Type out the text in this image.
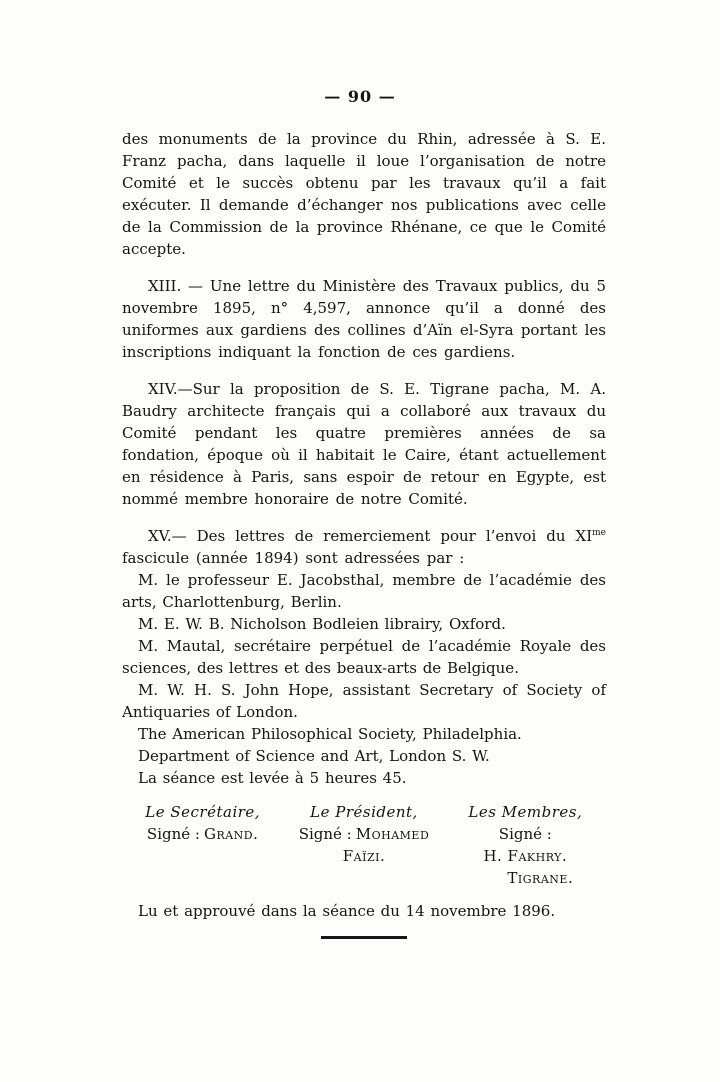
— 90 —

des monuments de la province du Rhin, adressée à S. E. Franz pacha, dans laquelle il loue l’organisation de notre Comité et le succès obtenu par les travaux qu’il a fait exécuter. Il demande d’échanger nos publications avec celle de la Commission de la province Rhénane, ce que le Comité accepte.

XIII. — Une lettre du Ministère des Travaux publics, du 5 novembre 1895, n° 4,597, annonce qu’il a donné des uniformes aux gardiens des collines d’Aïn el-Syra portant les inscriptions indiquant la fonction de ces gardiens.

XIV.—Sur la proposition de S. E. Tigrane pacha, M. A. Baudry architecte français qui a collaboré aux travaux du Comité pendant les quatre premières années de sa fondation, époque où il habitait le Caire, étant actuellement en résidence à Paris, sans espoir de retour en Egypte, est nommé membre honoraire de notre Comité.

XV.— Des lettres de remerciement pour l’envoi du $XI^{me}$ fascicule (année 1894) sont adressées par :

M. le professeur E. Jacobsthal, membre de l’académie des arts, Charlottenburg, Berlin.

M. E. W. B. Nicholson Bodleien librairy, Oxford.

M. Mautal, secrétaire perpétuel de l’académie Royale des sciences, des lettres et des beaux-arts de Belgique.

M. W. H. S. John Hope, assistant Secretary of Society of Antiquaries of London.

The American Philosophical Society, Philadelphia.

Department of Science and Art, London S. W.

La séance est levée à 5 heures 45.

Le Secrétaire,
Signé : Grand.
Le Président,
Signé : Mohamed Faïzi.
Les Membres,
Signé :
H. Fakhry.
Tigrane.

Lu et approuvé dans la séance du 14 novembre 1896.
